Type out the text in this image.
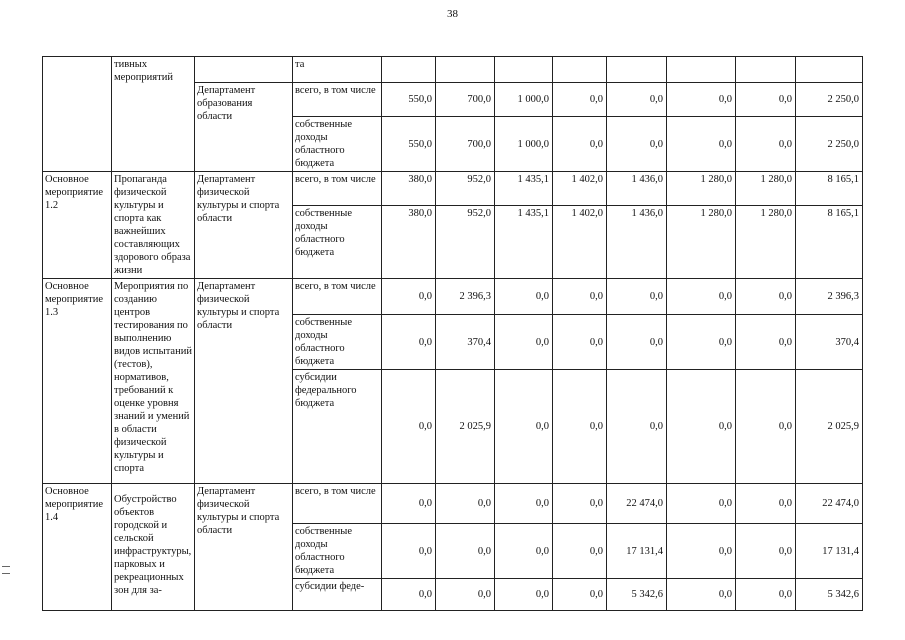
38
	тивных мероприятий		та								
		Департамент образования области	всего, в том числе	550,0	700,0	1 000,0	0,0	0,0	0,0	0,0	2 250,0
			собственные доходы областного бюджета	550,0	700,0	1 000,0	0,0	0,0	0,0	0,0	2 250,0
Основное мероприятие 1.2	Пропаганда физической культуры и спорта как важнейших составляющих здорового образа жизни	Департамент физической культуры и спорта области	всего, в том числе	380,0	952,0	1 435,1	1 402,0	1 436,0	1 280,0	1 280,0	8 165,1
			собственные доходы областного бюджета	380,0	952,0	1 435,1	1 402,0	1 436,0	1 280,0	1 280,0	8 165,1
Основное мероприятие 1.3	Мероприятия по созданию центров тестирования по выполнению видов испытаний (тестов), нормативов, требований к оценке уровня знаний и умений в области физической культуры и спорта	Департамент физической культуры и спорта области	всего, в том числе	0,0	2 396,3	0,0	0,0	0,0	0,0	0,0	2 396,3
			собственные доходы областного бюджета	0,0	370,4	0,0	0,0	0,0	0,0	0,0	370,4
			субсидии федерального бюджета	0,0	2 025,9	0,0	0,0	0,0	0,0	0,0	2 025,9
Основное мероприятие 1.4	Обустройство объектов городской и сельской инфраструктуры, парковых и рекреационных зон для за-	Департамент физической культуры и спорта области	всего, в том числе	0,0	0,0	0,0	0,0	22 474,0	0,0	0,0	22 474,0
			собственные доходы областного бюджета	0,0	0,0	0,0	0,0	17 131,4	0,0	0,0	17 131,4
			субсидии феде-	0,0	0,0	0,0	0,0	5 342,6	0,0	0,0	5 342,6
